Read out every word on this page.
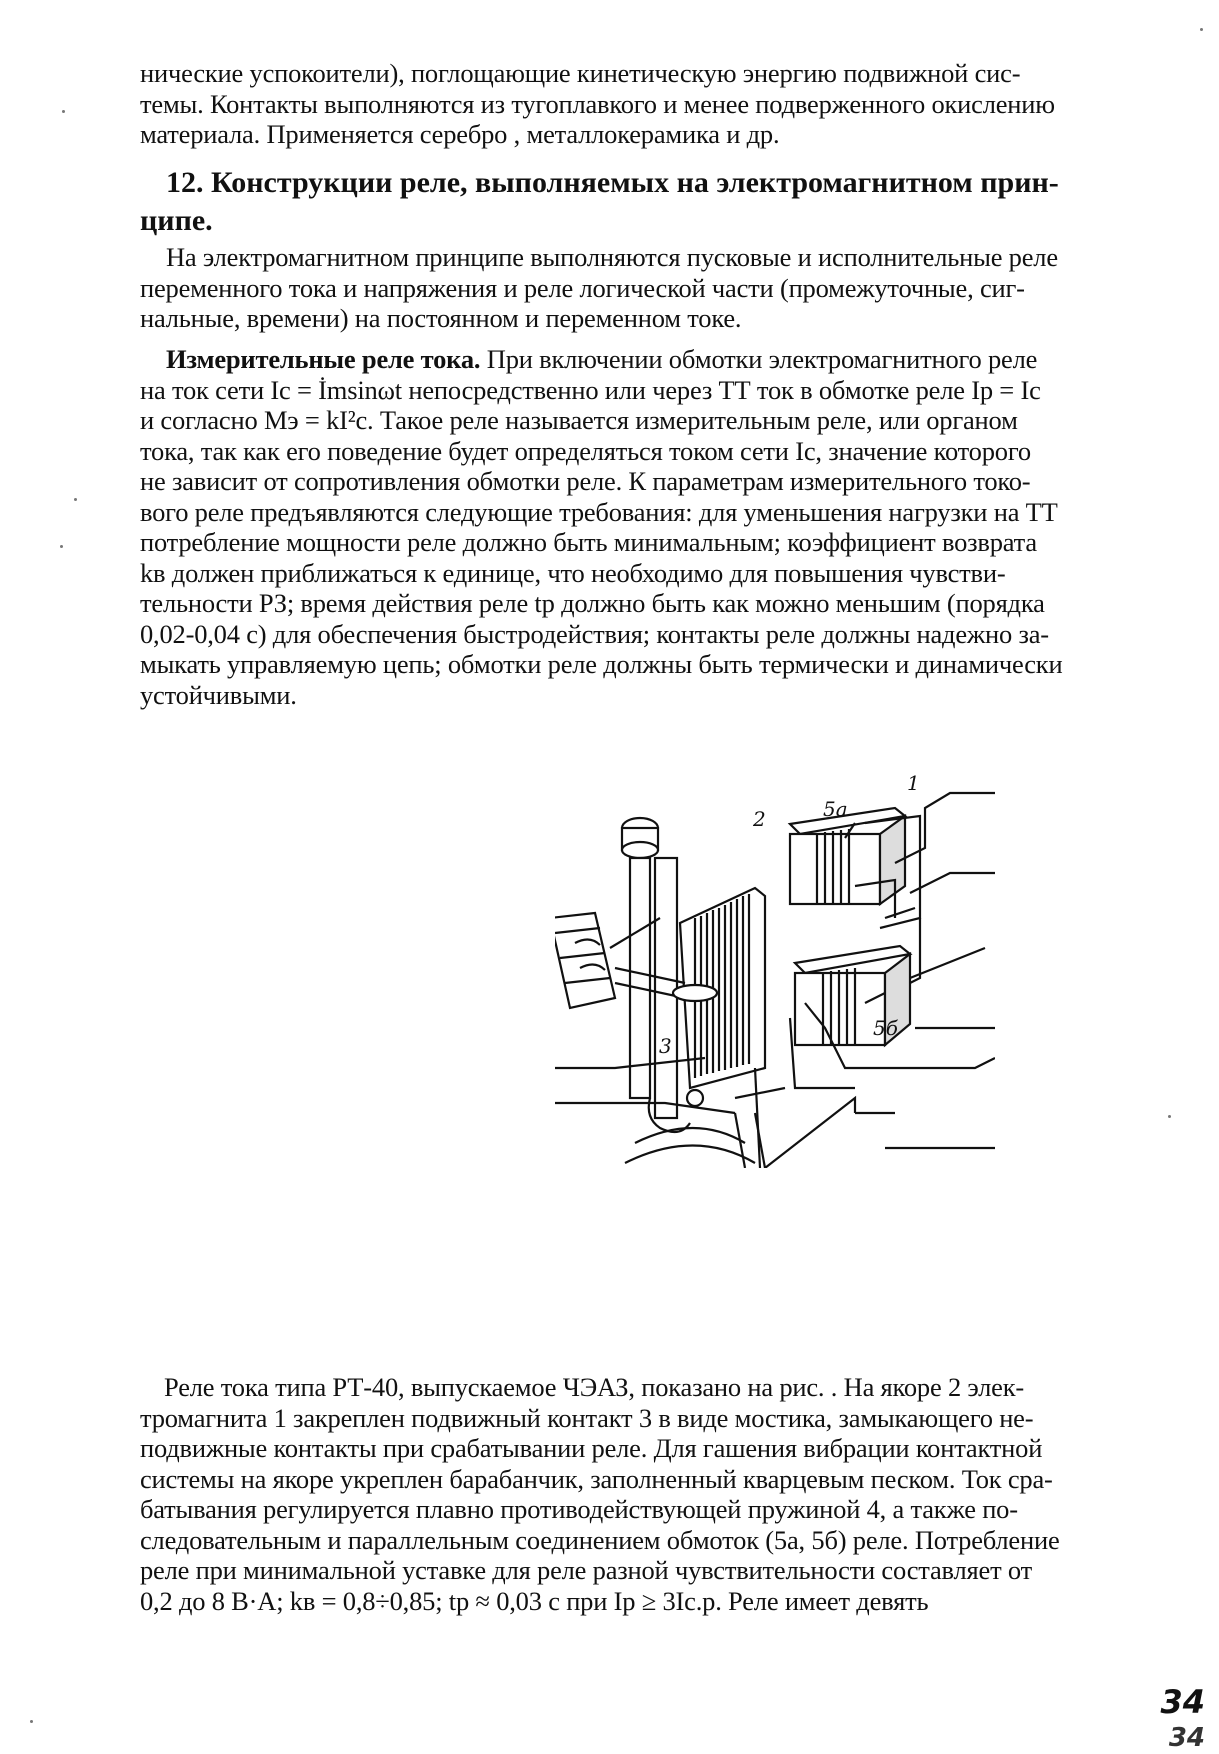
нические успокоители), поглощающие кинетическую энергию подвижной сис-
темы. Контакты выполняются из тугоплавкого и менее подверженного окислению
материала. Применяется серебро , металлокерамика и др.
12. Конструкции реле, выполняемых на электромагнитном прин-
ципе.
На электромагнитном принципе выполняются пусковые и исполнительные реле
переменного тока и напряжения и реле логической части (промежуточные, сиг-
нальные, времени) на постоянном и переменном токе.
Измерительные реле тока. При включении обмотки электромагнитного реле
на ток сети Ic = İmsinωt непосредственно или через ТТ ток в обмотке реле Iр = Ic
и согласно Мэ = kI²c. Такое реле называется измерительным реле, или органом
тока, так как его поведение будет определяться током сети Ic, значение которого
не зависит от сопротивления обмотки реле. К параметрам измерительного токо-
вого реле предъявляются следующие требования: для уменьшения нагрузки на ТТ
потребление мощности реле должно быть минимальным; коэффициент возврата
kв должен приближаться к единице, что необходимо для повышения чувстви-
тельности РЗ; время действия реле tр должно быть как можно меньшим (порядка
0,02-0,04 с) для обеспечения быстродействия; контакты реле должны надежно за-
мыкать управляемую цепь; обмотки реле должны быть термически и динамически
устойчивыми.
1
2	5а
5б
3
Реле тока типа РТ-40, выпускаемое ЧЭАЗ, показано на рис. . На якоре 2 элек-
тромагнита 1 закреплен подвижный контакт 3 в виде мостика, замыкающего не-
подвижные контакты при срабатывании реле. Для гашения вибрации контактной
системы на якоре укреплен барабанчик, заполненный кварцевым песком. Ток сра-
батывания регулируется плавно противодействующей пружиной 4, а также по-
следовательным и параллельным соединением обмоток (5а, 5б) реле. Потребление
реле при минимальной уставке для реле разной чувствительности составляет от
0,2 до 8 В·А; kв = 0,8÷0,85; tр ≈ 0,03 с при Iр ≥ 3Ic.р. Реле имеет девять
34
34
